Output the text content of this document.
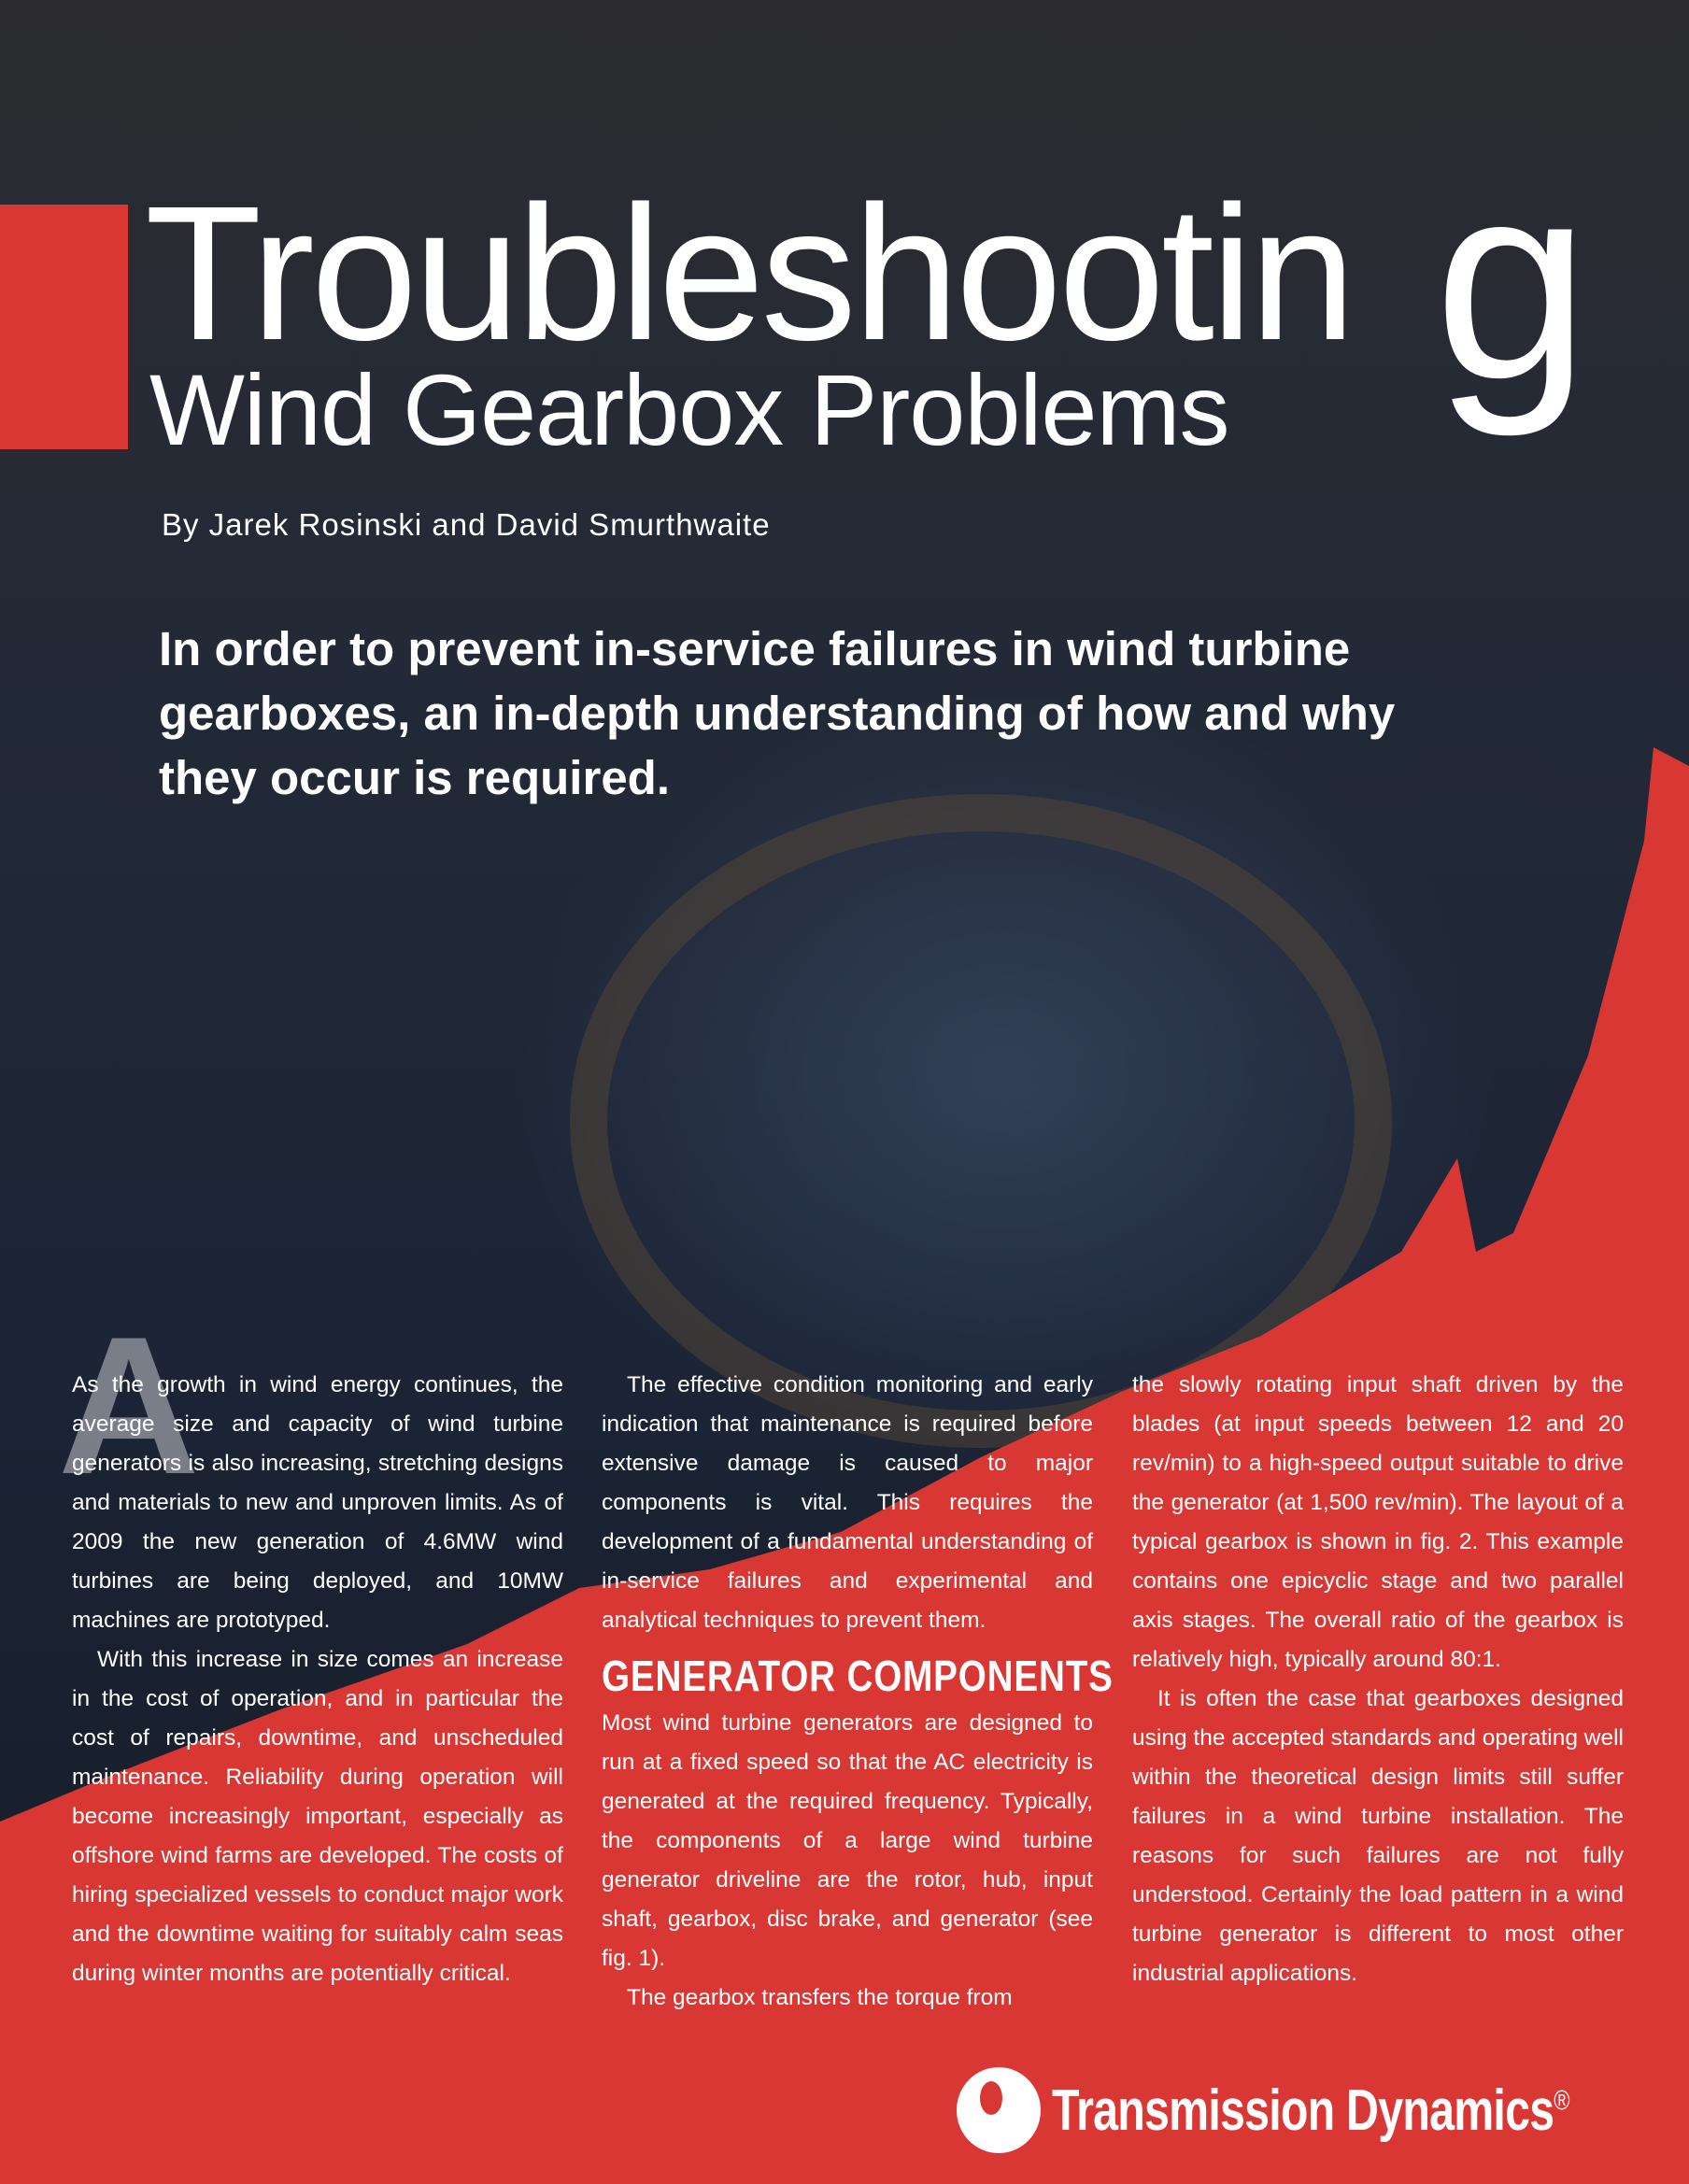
Troubleshootin g
Wind Gearbox Problems
By Jarek Rosinski and David Smurthwaite
In order to prevent in-service failures in wind turbine gearboxes, an in-depth understanding of how and why they occur is required.
A

As the growth in wind energy continues, the average size and capacity of wind turbine generators is also increasing, stretching designs and materials to new and unproven limits. As of 2009 the new generation of 4.6MW wind turbines are being deployed, and 10MW machines are prototyped.

With this increase in size comes an increase in the cost of operation, and in particular the cost of repairs, downtime, and unscheduled maintenance. Reliability during operation will become increasingly important, especially as offshore wind farms are developed. The costs of hiring specialized vessels to conduct major work and the downtime waiting for suitably calm seas during winter months are potentially critical.

The effective condition monitoring and early indication that maintenance is required before extensive damage is caused to major components is vital. This requires the development of a fundamental understanding of in-service failures and experimental and analytical techniques to prevent them.

GENERATOR COMPONENTS

Most wind turbine generators are designed to run at a fixed speed so that the AC electricity is generated at the required frequency. Typically, the components of a large wind turbine generator driveline are the rotor, hub, input shaft, gearbox, disc brake, and generator (see fig. 1).

The gearbox transfers the torque from

the slowly rotating input shaft driven by the blades (at input speeds between 12 and 20 rev/min) to a high-speed output suitable to drive the generator (at 1,500 rev/min). The layout of a typical gearbox is shown in fig. 2. This example contains one epicyclic stage and two parallel axis stages. The overall ratio of the gearbox is relatively high, typically around 80:1.

It is often the case that gearboxes designed using the accepted standards and operating well within the theoretical design limits still suffer failures in a wind turbine installation. The reasons for such failures are not fully understood. Certainly the load pattern in a wind turbine generator is different to most other industrial applications.

Transmission Dynamics®
